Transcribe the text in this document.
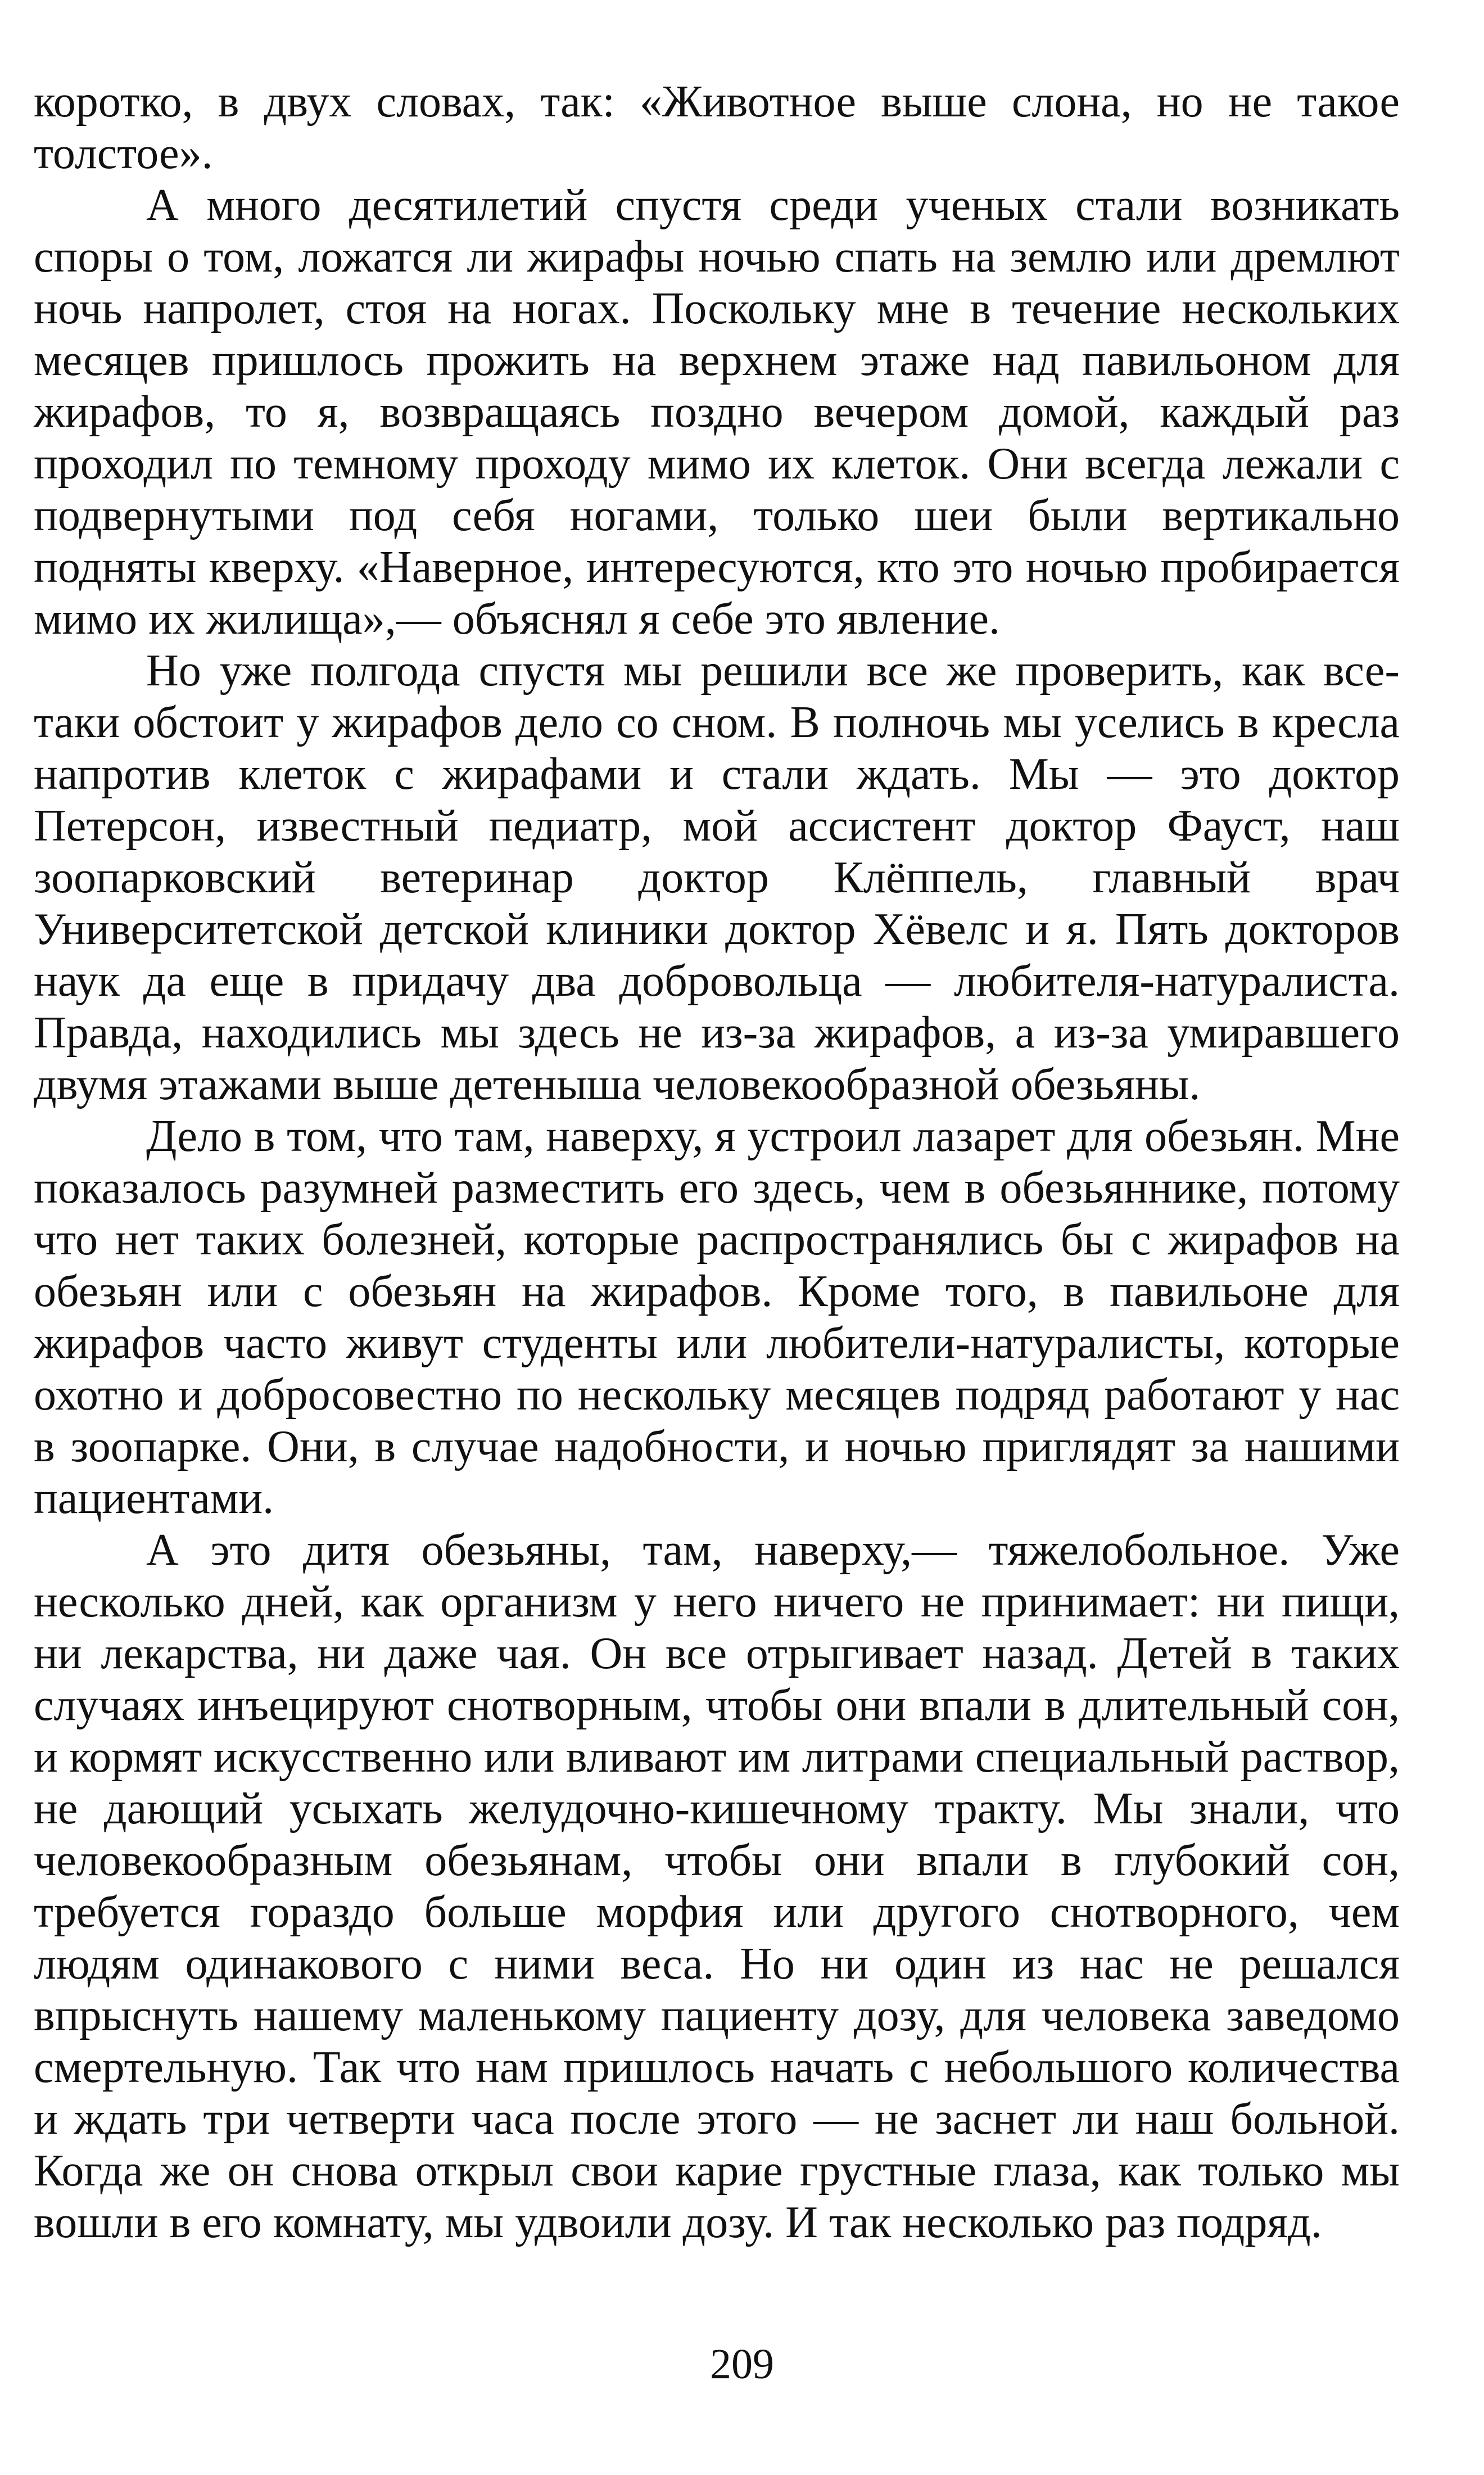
коротко, в двух словах, так: «Животное выше слона, но не такое толстое».

А много десятилетий спустя среди ученых стали возникать споры о том, ложатся ли жирафы ночью спать на землю или дремлют ночь напролет, стоя на ногах. Поскольку мне в течение нескольких месяцев пришлось прожить на верхнем этаже над павильоном для жирафов, то я, возвращаясь поздно вечером домой, каждый раз проходил по темному проходу мимо их клеток. Они всегда лежали с подвернутыми под себя ногами, только шеи были вертикально подняты кверху. «Наверное, интересуются, кто это ночью пробирается мимо их жилища»,— объяснял я себе это явление.

Но уже полгода спустя мы решили все же проверить, как все-таки обстоит у жирафов дело со сном. В полночь мы уселись в кресла напротив клеток с жирафами и стали ждать. Мы — это доктор Петерсон, известный педиатр, мой ассистент доктор Фауст, наш зоопарковский ветеринар доктор Клёппель, главный врач Университетской детской клиники доктор Хёвелс и я. Пять докторов наук да еще в придачу два добровольца — любителя-натуралиста. Правда, находились мы здесь не из-за жирафов, а из-за умиравшего двумя этажами выше детеныша человекообразной обезьяны.

Дело в том, что там, наверху, я устроил лазарет для обезьян. Мне показалось разумней разместить его здесь, чем в обезьяннике, потому что нет таких болезней, которые распространялись бы с жирафов на обезьян или с обезьян на жирафов. Кроме того, в павильоне для жирафов часто живут студенты или любители-натуралисты, которые охотно и добросовестно по нескольку месяцев подряд работают у нас в зоопарке. Они, в случае надобности, и ночью приглядят за нашими пациентами.

А это дитя обезьяны, там, наверху,— тяжелобольное. Уже несколько дней, как организм у него ничего не принимает: ни пищи, ни лекарства, ни даже чая. Он все отрыгивает назад. Детей в таких случаях инъецируют снотворным, чтобы они впали в длительный сон, и кормят искусственно или вливают им литрами специальный раствор, не дающий усыхать желудочно-кишечному тракту. Мы знали, что человекообразным обезьянам, чтобы они впали в глубокий сон, требуется гораздо больше морфия или другого снотворного, чем людям одинакового с ними веса. Но ни один из нас не решался впрыснуть нашему маленькому пациенту дозу, для человека заведомо смертельную. Так что нам пришлось начать с небольшого количества и ждать три четверти часа после этого — не заснет ли наш больной. Когда же он снова открыл свои карие грустные глаза, как только мы вошли в его комнату, мы удвоили дозу. И так несколько раз подряд.

209
